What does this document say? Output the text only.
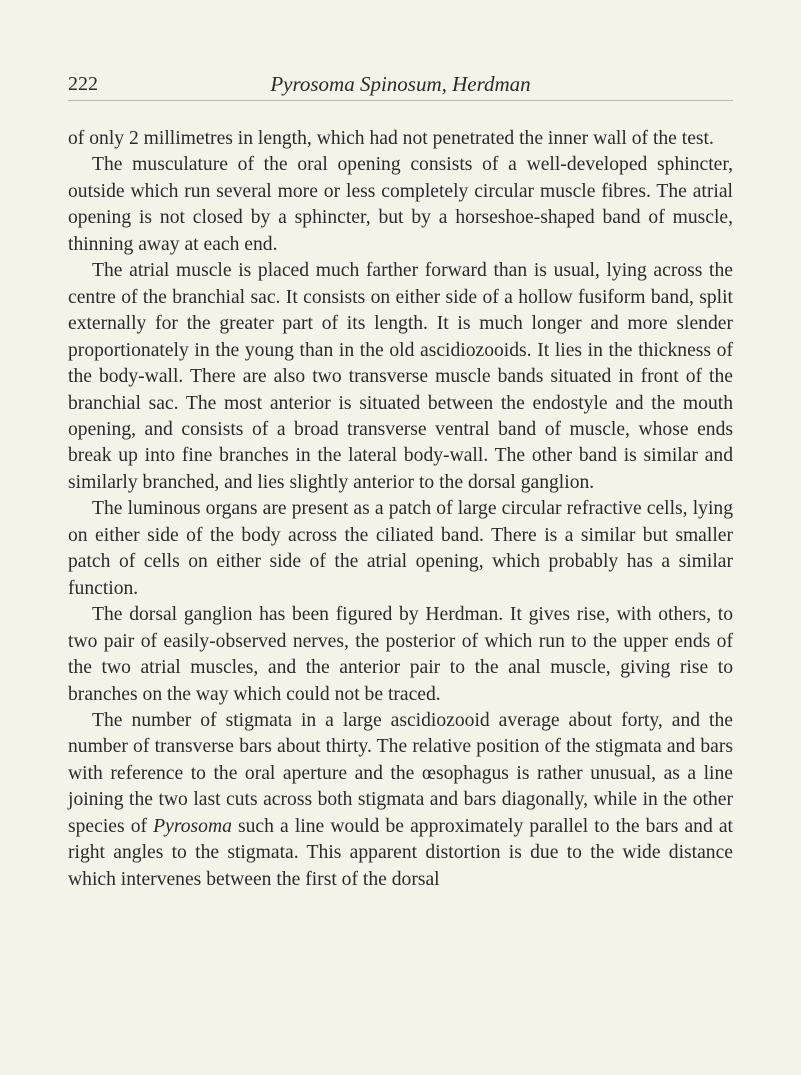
222	Pyrosoma Spinosum, Herdman

of only 2 millimetres in length, which had not penetrated the inner wall of the test.

The musculature of the oral opening consists of a well-developed sphincter, outside which run several more or less completely circular muscle fibres. The atrial opening is not closed by a sphincter, but by a horseshoe-shaped band of muscle, thinning away at each end.

The atrial muscle is placed much farther forward than is usual, lying across the centre of the branchial sac. It consists on either side of a hollow fusiform band, split externally for the greater part of its length. It is much longer and more slender proportionately in the young than in the old ascidiozooids. It lies in the thickness of the body-wall. There are also two transverse muscle bands situated in front of the branchial sac. The most anterior is situated between the endostyle and the mouth opening, and consists of a broad transverse ventral band of muscle, whose ends break up into fine branches in the lateral body-wall. The other band is similar and similarly branched, and lies slightly anterior to the dorsal ganglion.

The luminous organs are present as a patch of large circular refractive cells, lying on either side of the body across the ciliated band. There is a similar but smaller patch of cells on either side of the atrial opening, which probably has a similar function.

The dorsal ganglion has been figured by Herdman. It gives rise, with others, to two pair of easily-observed nerves, the posterior of which run to the upper ends of the two atrial muscles, and the anterior pair to the anal muscle, giving rise to branches on the way which could not be traced.

The number of stigmata in a large ascidiozooid average about forty, and the number of transverse bars about thirty. The relative position of the stigmata and bars with reference to the oral aperture and the œsophagus is rather unusual, as a line joining the two last cuts across both stigmata and bars diagonally, while in the other species of Pyrosoma such a line would be approximately parallel to the bars and at right angles to the stigmata. This apparent distortion is due to the wide distance which intervenes between the first of the dorsal
